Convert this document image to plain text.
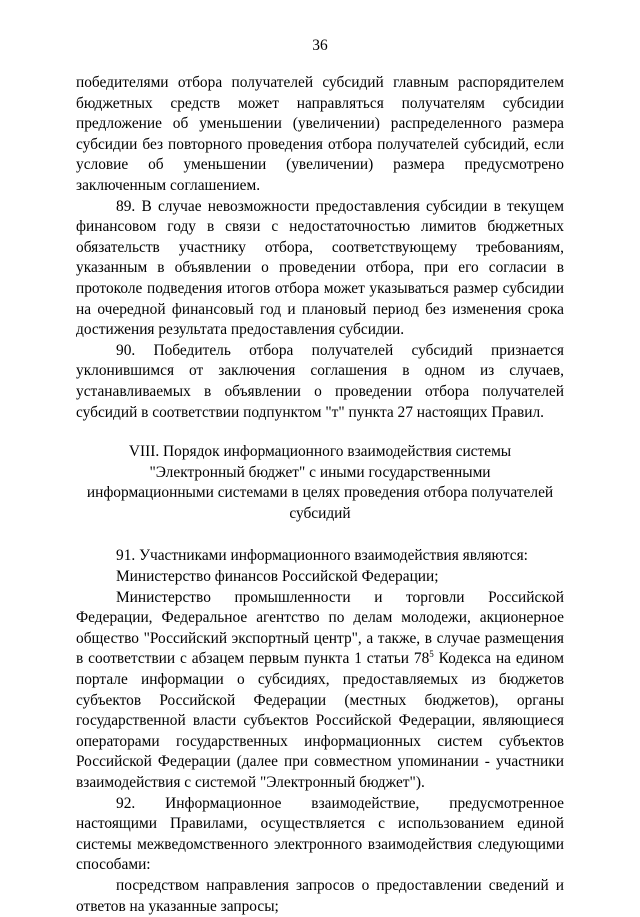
36

победителями отбора получателей субсидий главным распорядителем бюджетных средств может направляться получателям субсидии предложение об уменьшении (увеличении) распределенного размера субсидии без повторного проведения отбора получателей субсидий, если условие об уменьшении (увеличении) размера предусмотрено заключенным соглашением.

89. В случае невозможности предоставления субсидии в текущем финансовом году в связи с недостаточностью лимитов бюджетных обязательств участнику отбора, соответствующему требованиям, указанным в объявлении о проведении отбора, при его согласии в протоколе подведения итогов отбора может указываться размер субсидии на очередной финансовый год и плановый период без изменения срока достижения результата предоставления субсидии.

90. Победитель отбора получателей субсидий признается уклонившимся от заключения соглашения в одном из случаев, устанавливаемых в объявлении о проведении отбора получателей субсидий в соответствии подпунктом "т" пункта 27 настоящих Правил.

VIII. Порядок информационного взаимодействия системы "Электронный бюджет" с иными государственными информационными системами в целях проведения отбора получателей субсидий

91. Участниками информационного взаимодействия являются:

Министерство финансов Российской Федерации;

Министерство промышленности и торговли Российской Федерации, Федеральное агентство по делам молодежи, акционерное общество "Российский экспортный центр", а также, в случае размещения в соответствии с абзацем первым пункта 1 статьи $78^5$ Кодекса на едином портале информации о субсидиях, предоставляемых из бюджетов субъектов Российской Федерации (местных бюджетов), органы государственной власти субъектов Российской Федерации, являющиеся операторами государственных информационных систем субъектов Российской Федерации (далее при совместном упоминании - участники взаимодействия с системой "Электронный бюджет").

92. Информационное взаимодействие, предусмотренное настоящими Правилами, осуществляется с использованием единой системы межведомственного электронного взаимодействия следующими способами:

посредством направления запросов о предоставлении сведений и ответов на указанные запросы;
